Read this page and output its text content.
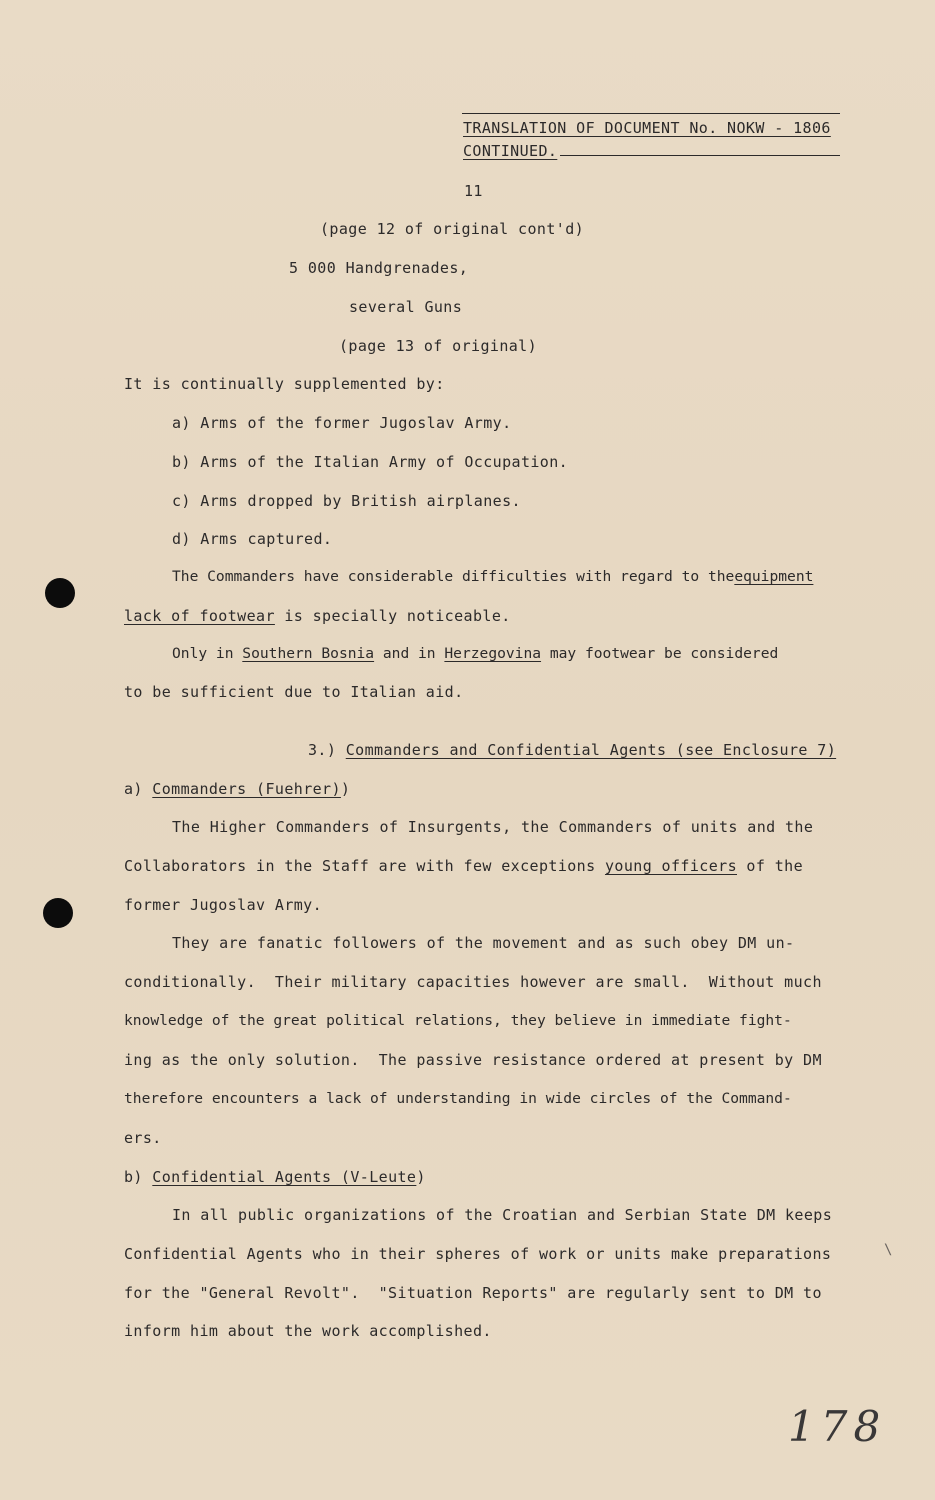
TRANSLATION OF DOCUMENT No. NOKW - 1806
CONTINUED.
11
(page 12 of original cont'd)
5 000 Handgrenades,
several Guns
(page 13 of original)
It is continually supplemented by:
a) Arms of the former Jugoslav Army.
b) Arms of the Italian Army of Occupation.
c) Arms dropped by British airplanes.
d) Arms captured.
The Commanders have considerable difficulties with regard to theequipment
lack of footwear is specially noticeable.
Only in Southern Bosnia and in Herzegovina may footwear be considered
to be sufficient due to Italian aid.
3.) Commanders and Confidential Agents (see Enclosure 7)
a) Commanders (Fuehrer))
The Higher Commanders of Insurgents, the Commanders of units and the
Collaborators in the Staff are with few exceptions young officers of the
former Jugoslav Army.
They are fanatic followers of the movement and as such obey DM un-
conditionally.  Their military capacities however are small.  Without much
knowledge of the great political relations, they believe in immediate fight-
ing as the only solution.  The passive resistance ordered at present by DM
therefore encounters a lack of understanding in wide circles of the Command-
ers.
b) Confidential Agents (V-Leute)
In all public organizations of the Croatian and Serbian State DM keeps
Confidential Agents who in their spheres of work or units make preparations
for the "General Revolt".  "Situation Reports" are regularly sent to DM to
inform him about the work accomplished.
\
178
